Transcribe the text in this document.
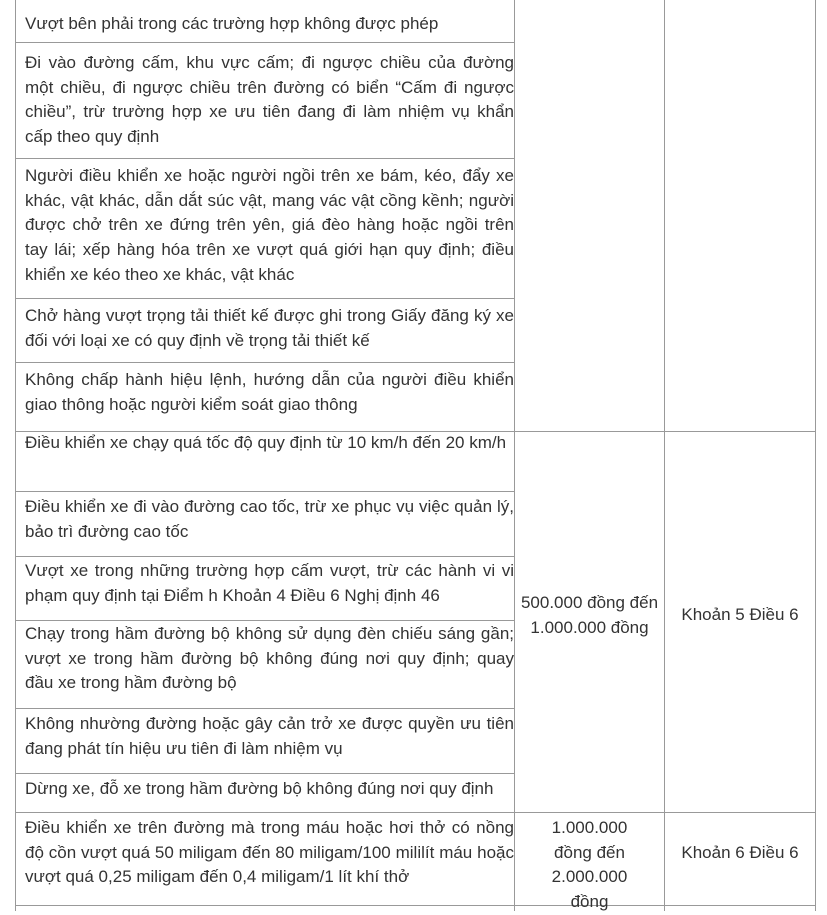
Vượt bên phải trong các trường hợp không được phép
Đi vào đường cấm, khu vực cấm; đi ngược chiều của đường một chiều, đi ngược chiều trên đường có biển “Cấm đi ngược chiều”, trừ trường hợp xe ưu tiên đang đi làm nhiệm vụ khẩn cấp theo quy định
Người điều khiển xe hoặc người ngồi trên xe bám, kéo, đẩy xe khác, vật khác, dẫn dắt súc vật, mang vác vật cồng kềnh; người được chở trên xe đứng trên yên, giá đèo hàng hoặc ngồi trên tay lái; xếp hàng hóa trên xe vượt quá giới hạn quy định; điều khiển xe kéo theo xe khác, vật khác
Chở hàng vượt trọng tải thiết kế được ghi trong Giấy đăng ký xe đối với loại xe có quy định về trọng tải thiết kế
Không chấp hành hiệu lệnh, hướng dẫn của người điều khiển giao thông hoặc người kiểm soát giao thông
Điều khiển xe chạy quá tốc độ quy định từ 10 km/h đến 20 km/h
Điều khiển xe đi vào đường cao tốc, trừ xe phục vụ việc quản lý, bảo trì đường cao tốc
Vượt xe trong những trường hợp cấm vượt, trừ các hành vi vi phạm quy định tại Điểm h Khoản 4 Điều 6 Nghị định 46
Chạy trong hầm đường bộ không sử dụng đèn chiếu sáng gần; vượt xe trong hầm đường bộ không đúng nơi quy định; quay đầu xe trong hầm đường bộ
Không nhường đường hoặc gây cản trở xe được quyền ưu tiên đang phát tín hiệu ưu tiên đi làm nhiệm vụ
Dừng xe, đỗ xe trong hầm đường bộ không đúng nơi quy định
Điều khiển xe trên đường mà trong máu hoặc hơi thở có nồng độ cồn vượt quá 50 miligam đến 80 miligam/100 mililít máu hoặc vượt quá 0,25 miligam đến 0,4 miligam/1 lít khí thở
500.000 đồng đến 1.000.000 đồng
Khoản 5 Điều 6
1.000.000 đồng đến 2.000.000 đồng
Khoản 6 Điều 6
